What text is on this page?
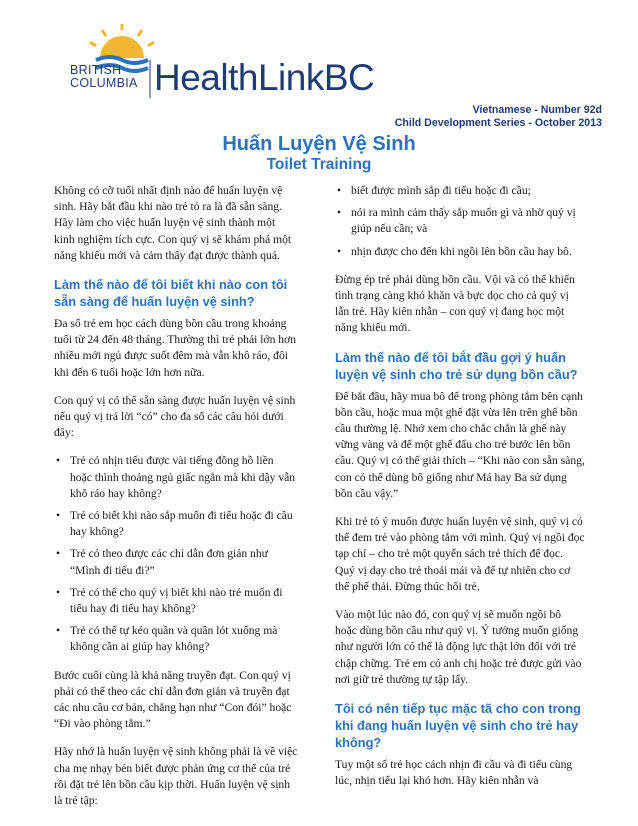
BRITISH
COLUMBIA HealthLinkBC
Vietnamese - Number 92d
Child Development Series - October 2013
Huấn Luyện Vệ Sinh
Toilet Training

Không có cỡ tuổi nhất định nào để huấn luyện vệ sinh. Hãy bắt đầu khi nào trẻ tỏ ra là đã sẵn sàng. Hãy làm cho việc huấn luyện vệ sinh thành một kinh nghiệm tích cực. Con quý vị sẽ khám phá một năng khiếu mới và cảm thấy đạt được thành quả.

Làm thế nào để tôi biết khi nào con tôi sẵn sàng để huấn luyện vệ sinh?

Đa số trẻ em học cách dùng bồn cầu trong khoảng tuổi từ 24 đến 48 tháng. Thường thì trẻ phải lớn hơn nhiều mới ngủ được suốt đêm mà vẫn khô ráo, đôi khi đến 6 tuổi hoặc lớn hơn nữa.

Con quý vị có thể sẵn sàng được huấn luyện vệ sinh nếu quý vị trả lời “có” cho đa số các câu hỏi dưới đây:

• Trẻ có nhịn tiểu được vài tiếng đồng hồ liền hoặc thình thoảng ngủ giấc ngắn mà khi dậy vẫn khô ráo hay không?
• Trẻ có biết khi nào sắp muốn đi tiểu hoặc đi cầu hay không?
• Trẻ có theo được các chỉ dẫn đơn giản như “Mình đi tiểu đi?”
• Trẻ có thể cho quý vị biết khi nào trẻ muốn đi tiểu hay đi tiểu hay không?
• Trẻ có thể tự kéo quần và quần lót xuống mà không cần ai giúp hay không?

Bước cuối cùng là khả năng truyền đạt. Con quý vị phải có thể theo các chỉ dẫn đơn giản và truyền đạt các nhu cầu cơ bản, chẳng hạn như “Con đói” hoặc “Đi vào phòng tắm.”

Hãy nhớ là huấn luyện vệ sinh không phải là về việc cha mẹ nhạy bén biết được phản ứng cơ thể của trẻ rồi đặt trẻ lên bồn cầu kịp thời. Huấn luyện vệ sinh là trẻ tập:

• biết được mình sắp đi tiểu hoặc đi cầu;
• nói ra mình cảm thấy sắp muốn gì và nhờ quý vị giúp nếu cần; và
• nhịn được cho đến khi ngồi lên bồn cầu hay bô.

Đừng ép trẻ phải dùng bồn cầu. Vội vã có thể khiến tình trạng càng khó khăn và bực dọc cho cả quý vị lẫn trẻ. Hãy kiên nhẫn – con quý vị đang học một năng khiếu mới.

Làm thế nào để tôi bắt đầu gợi ý huấn luyện vệ sinh cho trẻ sử dụng bồn cầu?

Để bắt đầu, hãy mua bô để trong phòng tắm bên cạnh bồn cầu, hoặc mua một ghế đặt vừa lên trên ghế bồn cầu thường lệ. Nhớ xem cho chắc chắn là ghế này vững vàng và để một ghế đẩu cho trẻ bước lên bồn cầu. Quý vị có thể giải thích – “Khi nào con sẵn sàng, con có thể dùng bô giống như Má hay Ba sử dụng bồn cầu vậy.”

Khi trẻ tỏ ý muốn được huấn luyện vệ sinh, quý vị có thể đem trẻ vào phòng tắm với mình. Quý vị ngồi đọc tạp chí – cho trẻ một quyển sách trẻ thích để đọc. Quý vị dạy cho trẻ thoải mái và để tự nhiên cho cơ thể phế thải. Đừng thúc hối trẻ.

Vào một lúc nào đó, con quý vị sẽ muốn ngồi bô hoặc dùng bồn cầu như quý vị. Ý tưởng muốn giống như người lớn có thể là động lực thật lớn đối với trẻ chập chững. Trẻ em có anh chị hoặc trẻ được gửi vào nơi giữ trẻ thường tự tập lấy.

Tôi có nên tiếp tục mặc tã cho con trong khi đang huấn luyện vệ sinh cho trẻ hay không?

Tuy một số trẻ học cách nhịn đi cầu và đi tiểu cùng lúc, nhịn tiểu lại khó hơn. Hãy kiên nhẫn và
